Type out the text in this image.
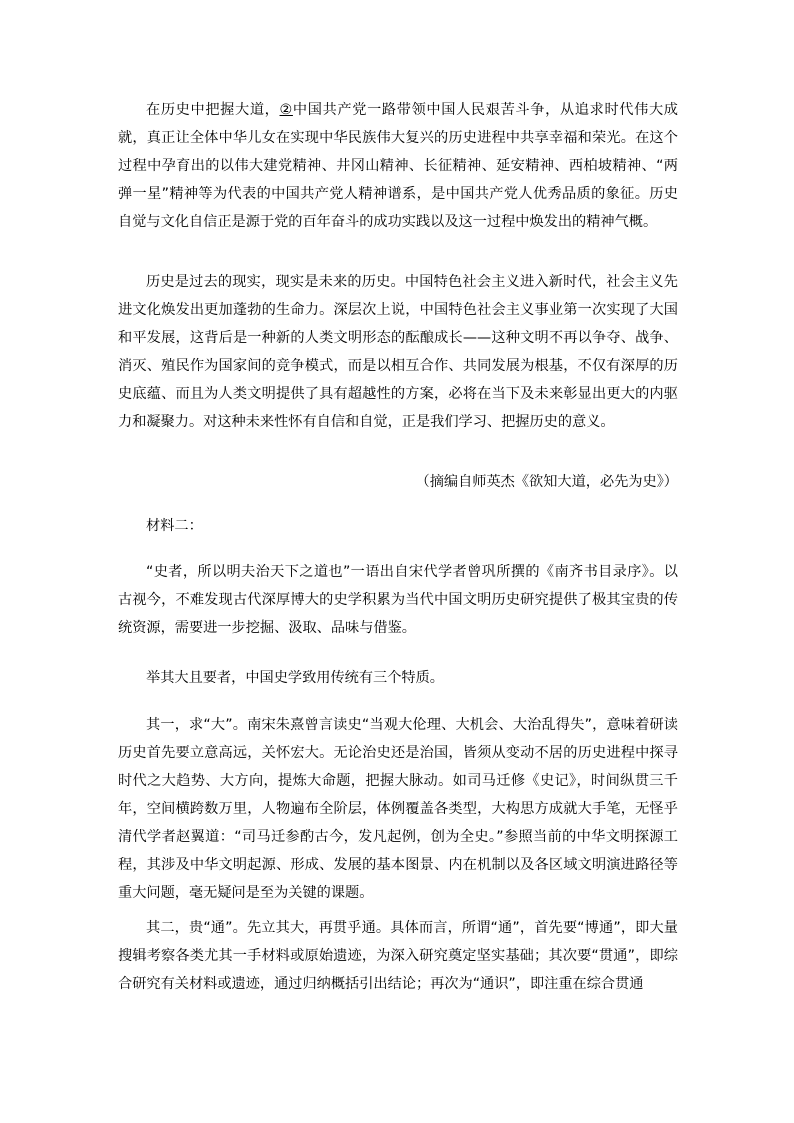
在历史中把握大道，②中国共产党一路带领中国人民艰苦斗争，从追求时代伟大成就，真正让全体中华儿女在实现中华民族伟大复兴的历史进程中共享幸福和荣光。在这个过程中孕育出的以伟大建党精神、井冈山精神、长征精神、延安精神、西柏坡精神、“两弹一星”精神等为代表的中国共产党人精神谱系，是中国共产党人优秀品质的象征。历史自觉与文化自信正是源于党的百年奋斗的成功实践以及这一过程中焕发出的精神气概。

历史是过去的现实，现实是未来的历史。中国特色社会主义进入新时代，社会主义先进文化焕发出更加蓬勃的生命力。深层次上说，中国特色社会主义事业第一次实现了大国和平发展，这背后是一种新的人类文明形态的酝酿成长——这种文明不再以争夺、战争、消灭、殖民作为国家间的竞争模式，而是以相互合作、共同发展为根基，不仅有深厚的历史底蕴、而且为人类文明提供了具有超越性的方案，必将在当下及未来彰显出更大的内驱力和凝聚力。对这种未来性怀有自信和自觉，正是我们学习、把握历史的意义。

（摘编自师英杰《欲知大道，必先为史》）

材料二：

“史者，所以明夫治天下之道也”一语出自宋代学者曾巩所撰的《南齐书目录序》。以古视今，不难发现古代深厚博大的史学积累为当代中国文明历史研究提供了极其宝贵的传统资源，需要进一步挖掘、汲取、品味与借鉴。

举其大且要者，中国史学致用传统有三个特质。

其一，求“大”。南宋朱熹曾言读史“当观大伦理、大机会、大治乱得失”，意味着研读历史首先要立意高远，关怀宏大。无论治史还是治国，皆须从变动不居的历史进程中探寻时代之大趋势、大方向，提炼大命题，把握大脉动。如司马迁修《史记》，时间纵贯三千年，空间横跨数万里，人物遍布全阶层，体例覆盖各类型，大构思方成就大手笔，无怪乎清代学者赵翼道：“司马迁参酌古今，发凡起例，创为全史。”参照当前的中华文明探源工程，其涉及中华文明起源、形成、发展的基本图景、内在机制以及各区域文明演进路径等重大问题，毫无疑问是至为关键的课题。

其二，贵“通”。先立其大，再贯乎通。具体而言，所谓“通”，首先要“博通”，即大量搜辑考察各类尤其一手材料或原始遗迹，为深入研究奠定坚实基础；其次要“贯通”，即综合研究有关材料或遗迹，通过归纳概括引出结论；再次为“通识”，即注重在综合贯通
